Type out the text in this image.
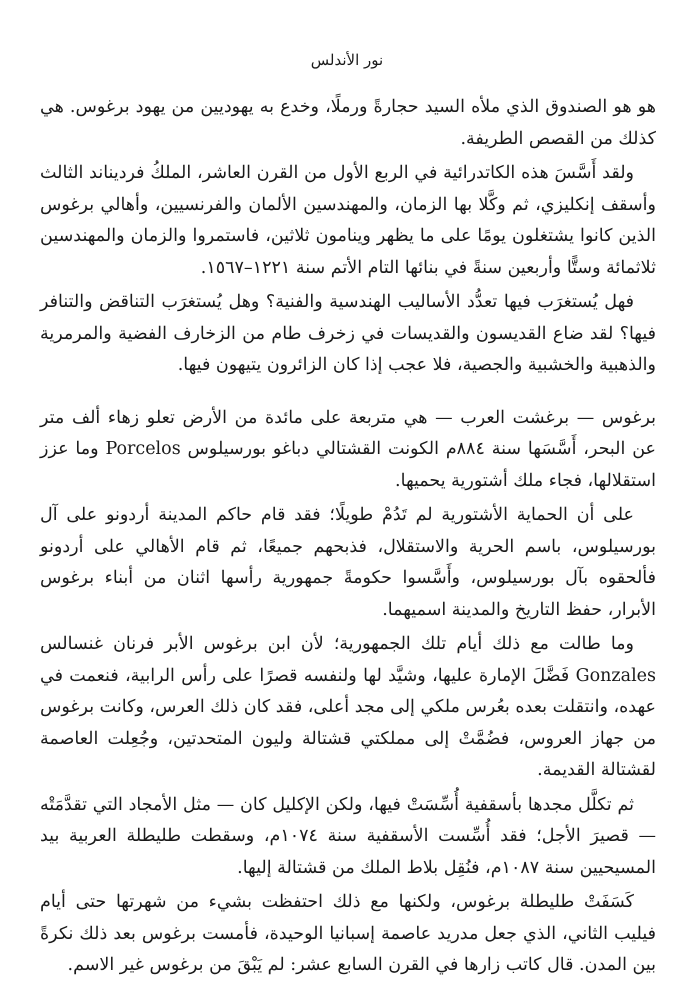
نور الأندلس

هو هو الصندوق الذي ملأه السيد حجارةً ورملًا، وخدع به يهوديين من يهود برغوس. هي كذلك من القصص الطريفة.

ولقد أَسَّسَ هذه الكاتدرائية في الربع الأول من القرن العاشر، الملكُ فرديناند الثالث وأسقف إنكليزي، ثم وكَّلا بها الزمان، والمهندسين الألمان والفرنسيين، وأهالي برغوس الذين كانوا يشتغلون يومًا على ما يظهر وينامون ثلاثين، فاستمروا والزمان والمهندسين ثلاثمائة وستًّا وأربعين سنةً في بنائها التام الأتم سنة ١٢٢١–١٥٦٧.

فهل يُستغرَب فيها تعدُّد الأساليب الهندسية والفنية؟ وهل يُستغرَب التناقض والتنافر فيها؟ لقد ضاع القديسون والقديسات في زخرف طام من الزخارف الفضية والمرمرية والذهبية والخشبية والجصية، فلا عجب إذا كان الزائرون يتيهون فيها.

برغوس — برغشت العرب — هي متربعة على مائدة من الأرض تعلو زهاء ألف متر عن البحر، أَسَّسَها سنة ٨٨٤م الكونت القشتالي دباغو بورسيلوس Porcelos وما عزز استقلالها، فجاء ملك أشتورية يحميها.

على أن الحماية الأشتورية لم تَدُمْ طويلًا؛ فقد قام حاكم المدينة أردونو على آل بورسيلوس، باسم الحرية والاستقلال، فذبحهم جميعًا، ثم قام الأهالي على أردونو فألحقوه بآل بورسيلوس، وأَسَّسوا حكومةً جمهورية رأسها اثنان من أبناء برغوس الأبرار، حفظ التاريخ والمدينة اسميهما.

وما طالت مع ذلك أيام تلك الجمهورية؛ لأن ابن برغوس الأبر فرنان غنسالس Gonzales فَضَّلَ الإمارة عليها، وشيَّد لها ولنفسه قصرًا على رأس الرابية، فنعمت في عهده، وانتقلت بعده بعُرس ملكي إلى مجد أعلى، فقد كان ذلك العرس، وكانت برغوس من جهاز العروس، فضُمَّتْ إلى مملكتي قشتالة وليون المتحدتين، وجُعِلت العاصمة لقشتالة القديمة.

ثم تكلَّل مجدها بأسقفية أُسِّسَتْ فيها، ولكن الإكليل كان — مثل الأمجاد التي تقدَّمَتْه — قصيرَ الأجل؛ فقد أُسِّست الأسقفية سنة ١٠٧٤م، وسقطت طليطلة العربية بيد المسيحيين سنة ١٠٨٧م، فنُقِل بلاط الملك من قشتالة إليها.

كَسَفَتْ طليطلة برغوس، ولكنها مع ذلك احتفظت بشيء من شهرتها حتى أيام فيليب الثاني، الذي جعل مدريد عاصمة إسبانيا الوحيدة، فأمست برغوس بعد ذلك نكرةً بين المدن. قال كاتب زارها في القرن السابع عشر: لم يَبْقَ من برغوس غير الاسم.
